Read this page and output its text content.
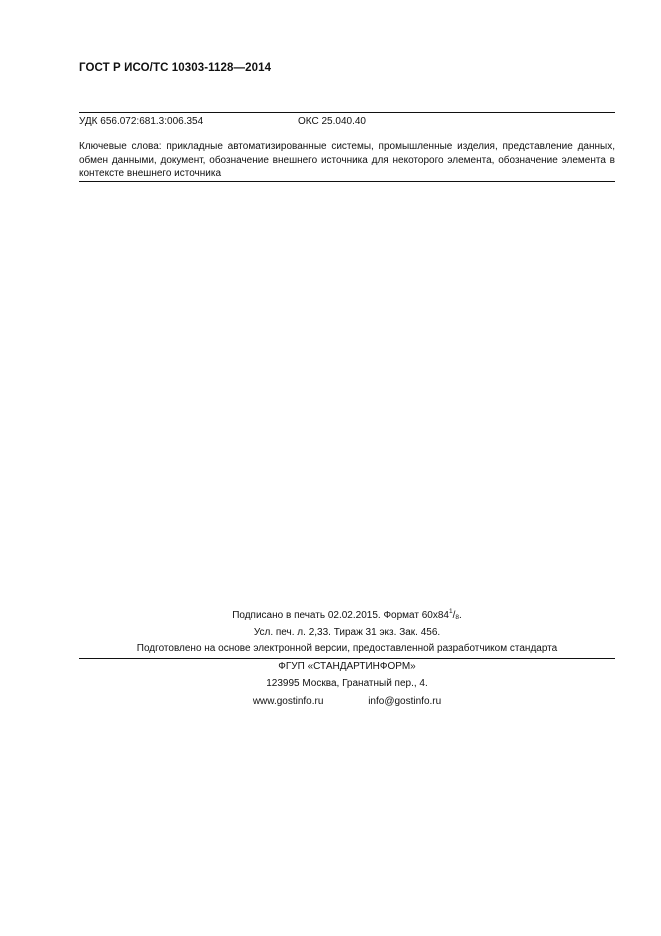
ГОСТ Р ИСО/ТС 10303-1128—2014
УДК 656.072:681.3:006.354	ОКС 25.040.40
Ключевые слова: прикладные автоматизированные системы, промышленные изделия, представление данных, обмен данными, документ, обозначение внешнего источника для некоторого элемента, обозначение элемента в контексте внешнего источника
Подписано в печать 02.02.2015. Формат $60x84^1/_8$.
Усл. печ. л. 2,33. Тираж 31 экз. Зак. 456.
Подготовлено на основе электронной версии, предоставленной разработчиком стандарта
ФГУП «СТАНДАРТИНФОРМ»
123995 Москва, Гранатный пер., 4.
www.gostinfo.ru	info@gostinfo.ru
